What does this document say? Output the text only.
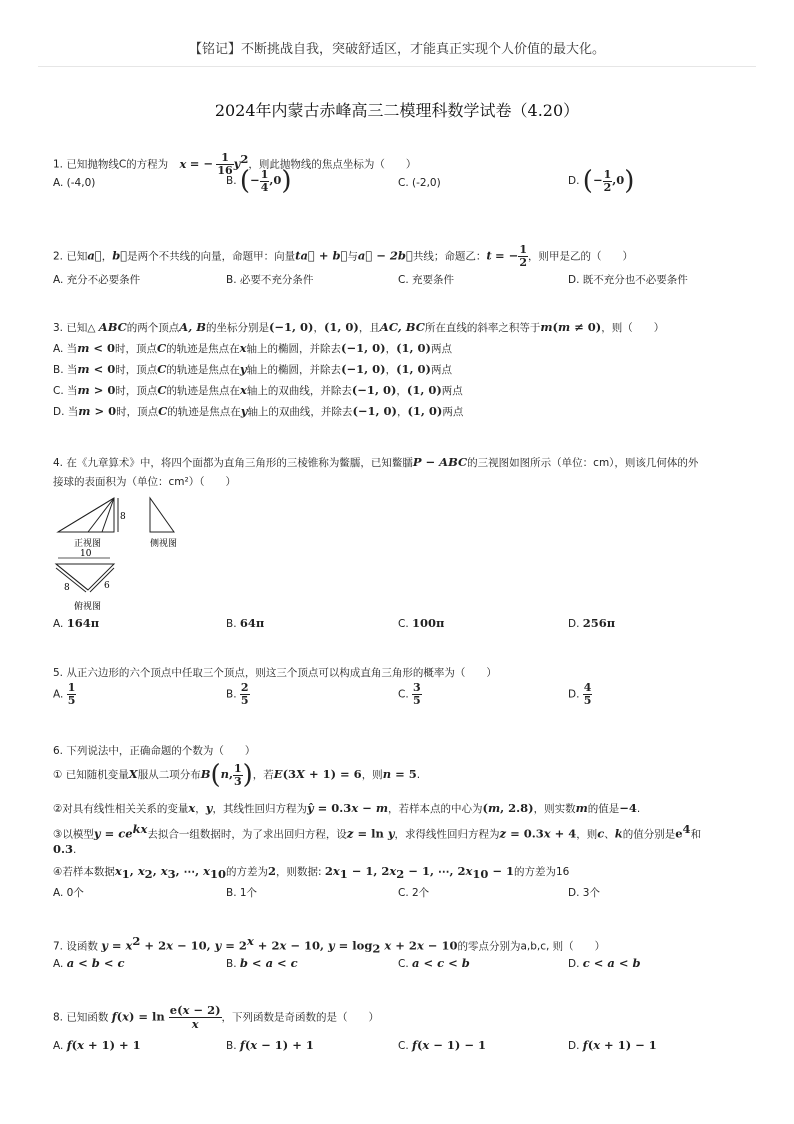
【铭记】不断挑战自我，突破舒适区，才能真正实现个人价值的最大化。
2024年内蒙古赤峰高三二模理科数学试卷（4.20）
1. 已知抛物线C的方程为 x = − $\frac{1}{16} y^2$，则此抛物线的焦点坐标为（　　）
A. (-4,0)	B. (− $\frac{1}{4} ,0$)	C. (-2,0)	D. (− $\frac{1}{2} ,0$)
2. 已知a⃗，b⃗是两个不共线的向量，命题甲：向量ta⃗ + b⃗与a⃗ − 2b⃗共线；命题乙：t = − $\frac{1}{2}$ ，则甲是乙的（　　）
A. 充分不必要条件	B. 必要不充分条件	C. 充要条件	D. 既不充分也不必要条件
3. 已知△ ABC的两个顶点A, B的坐标分别是(−1, 0)，(1, 0)，且AC, BC所在直线的斜率之积等于m(m ≠ 0)，则（　　）
A. 当m < 0时，顶点C的轨迹是焦点在x轴上的椭圆，并除去(−1, 0)，(1, 0)两点
B. 当m < 0时，顶点C的轨迹是焦点在y轴上的椭圆，并除去(−1, 0)，(1, 0)两点
C. 当m > 0时，顶点C的轨迹是焦点在x轴上的双曲线，并除去(−1, 0)，(1, 0)两点
D. 当m > 0时，顶点C的轨迹是焦点在y轴上的双曲线，并除去(−1, 0)，(1, 0)两点
4. 在《九章算术》中，将四个面都为直角三角形的三棱锥称为鳖臑，已知鳖臑P − ABC的三视图如图所示（单位：cm），则该几何体的外
接球的表面积为（单位：cm²）（　　）
8
正视图	侧视图
10
8	6
俯视图
A. 164π	B. 64π	C. 100π	D. 256π
5. 从正六边形的六个顶点中任取三个顶点，则这三个顶点可以构成直角三角形的概率为（　　）
A. $\frac{1}{5}$	B. $\frac{2}{5}$	C. $\frac{3}{5}$	D. $\frac{4}{5}$
6. 下列说法中，正确命题的个数为（　　）
① 已知随机变量X服从二项分布B(n, $\frac{1}{3}$ )，若E(3X + 1) = 6，则n = 5.
②对具有线性相关关系的变量x，y，其线性回归方程为ŷ = 0.3x − m，若样本点的中心为(m, 2.8)，则实数m的值是−4.
③以模型$y = ce^{kx}$去拟合一组数据时，为了求出回归方程，设z = ln y，求得线性回归方程为z = 0.3x + 4，则c、k的值分别是$e^4$和
0.3.
④若样本数据$x_1$, $x_2$, $x_3$, ⋯, $x_{10}$的方差为2，则数据: $2x_1 - 1$, $2x_2 - 1$, ⋯, $2x_{10} - 1$的方差为16
A. 0个	B. 1个	C. 2个	D. 3个
7. 设函数 $y = x^2 + 2x - 10$, $y = 2^x + 2x - 10$, $y = \log_2 x + 2x - 10$的零点分别为a,b,c, 则（　　）
A. a < b < c	B. b < a < c	C. a < c < b	D. c < a < b
8. 已知函数 $f(x) = \ln \frac{e(x - 2)}{x}$ ，下列函数是奇函数的是（　　）
A. f(x + 1) + 1	B. f(x − 1) + 1	C. f(x − 1) − 1	D. f(x + 1) − 1
